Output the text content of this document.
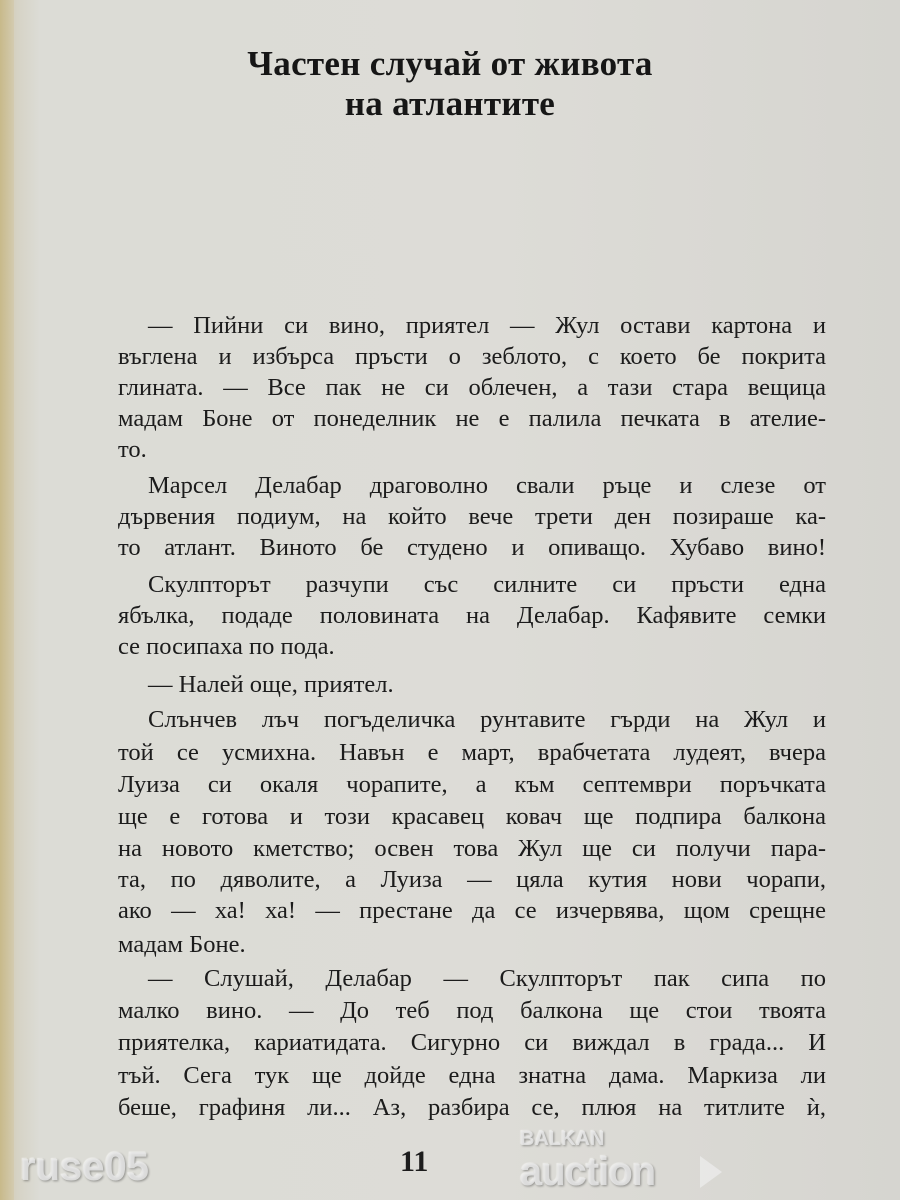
Частен случай от живота
на атлантите
— Пийни си вино, приятел — Жул остави картона и
въглена и избърса пръсти о зеблото, с което бе покрита
глината. — Все пак не си облечен, а тази стара вещица
мадам Боне от понеделник не е палила печката в ателие-
то.
Марсел Делабар драговолно свали ръце и слезе от
дървения подиум, на който вече трети ден позираше ка-
то атлант. Виното бе студено и опиващо. Хубаво вино!
Скулпторът разчупи със силните си пръсти една
ябълка, подаде половината на Делабар. Кафявите семки
се посипаха по пода.
— Налей още, приятел.
Слънчев лъч погъделичка рунтавите гърди на Жул и
той се усмихна. Навън е март, врабчетата лудеят, вчера
Луиза си окаля чорапите, а към септември поръчката
ще е готова и този красавец ковач ще подпира балкона
на новото кметство; освен това Жул ще си получи пара-
та, по дяволите, а Луиза — цяла кутия нови чорапи,
ако — ха! ха! — престане да се изчервява, щом срещне
мадам Боне.
— Слушай, Делабар — Скулпторът пак сипа по
малко вино. — До теб под балкона ще стои твоята
приятелка, кариатидата. Сигурно си виждал в града... И
тъй. Сега тук ще дойде една знатна дама. Маркиза ли
беше, графиня ли... Аз, разбира се, плюя на титлите ѝ,
11
BALKAN
auction
ruse05
